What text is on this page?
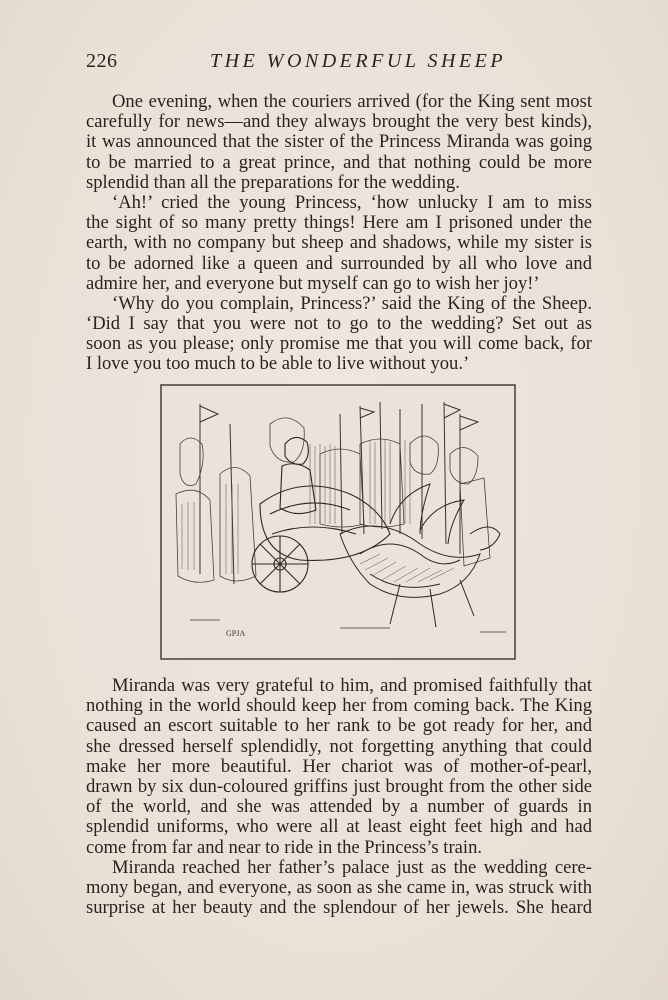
226	THE WONDERFUL SHEEP

One evening, when the couriers arrived (for the King sent most
carefully for news—and they always brought the very best kinds),
it was announced that the sister of the Princess Miranda was going
to be married to a great prince, and that nothing could be more
splendid than all the preparations for the wedding.

‘Ah!’ cried the young Princess, ‘how unlucky I am to miss
the sight of so many pretty things! Here am I prisoned under the
earth, with no company but sheep and shadows, while my sister is
to be adorned like a queen and surrounded by all who love and
admire her, and everyone but myself can go to wish her joy!’

‘Why do you complain, Princess?’ said the King of the Sheep.
‘Did I say that you were not to go to the wedding? Set out as
soon as you please; only promise me that you will come back, for
I love you too much to be able to live without you.’

GPJA

Miranda was very grateful to him, and promised faithfully that
nothing in the world should keep her from coming back. The King
caused an escort suitable to her rank to be got ready for her, and
she dressed herself splendidly, not forgetting anything that could
make her more beautiful. Her chariot was of mother-of-pearl,
drawn by six dun-coloured griffins just brought from the other side
of the world, and she was attended by a number of guards in
splendid uniforms, who were all at least eight feet high and had
come from far and near to ride in the Princess’s train.

Miranda reached her father’s palace just as the wedding cere-
mony began, and everyone, as soon as she came in, was struck with
surprise at her beauty and the splendour of her jewels. She heard
